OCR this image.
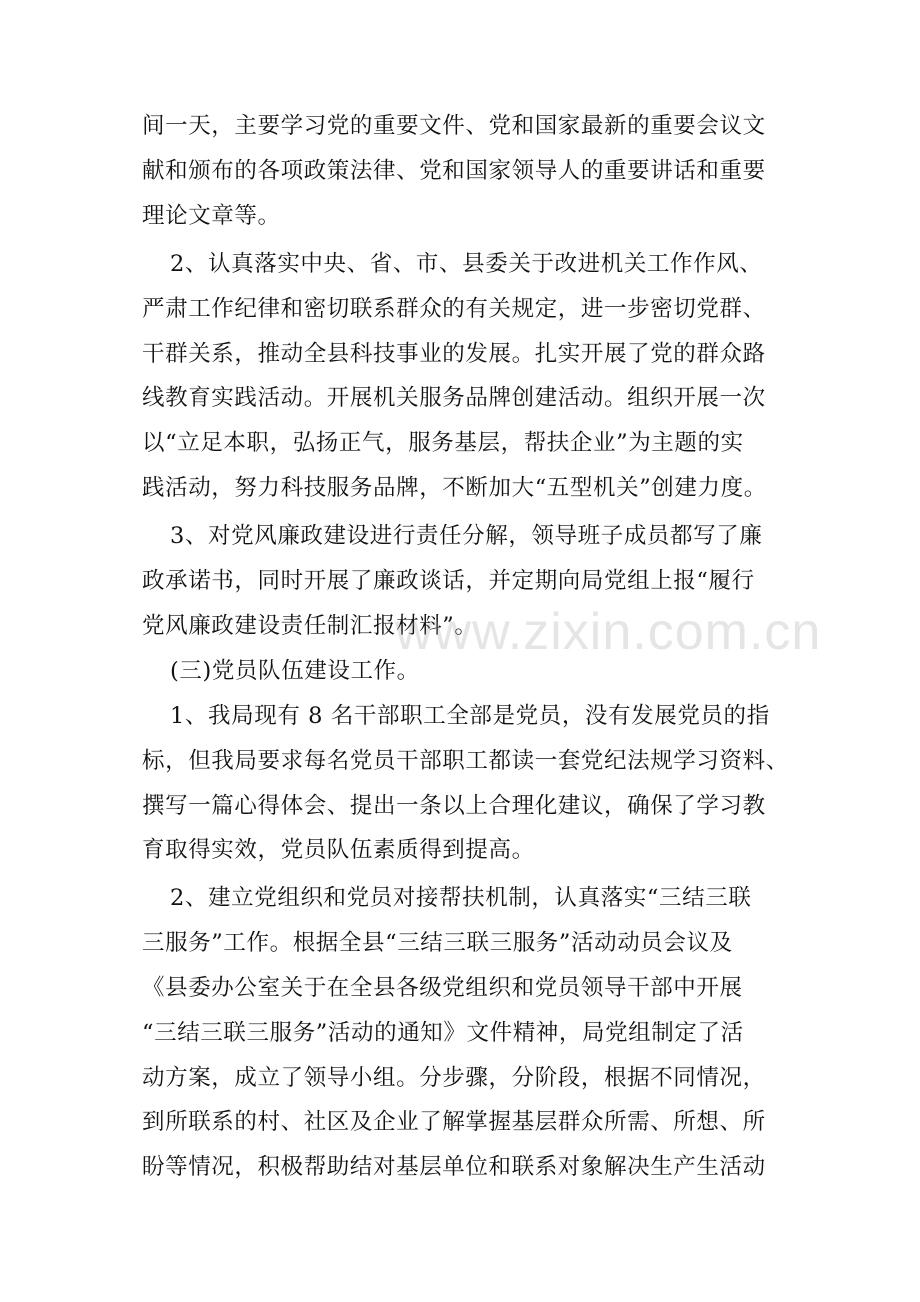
间一天，主要学习党的重要文件、党和国家最新的重要会议文
献和颁布的各项政策法律、党和国家领导人的重要讲话和重要
理论文章等。
2、认真落实中央、省、市、县委关于改进机关工作作风、
严肃工作纪律和密切联系群众的有关规定，进一步密切党群、
干群关系，推动全县科技事业的发展。扎实开展了党的群众路
线教育实践活动。开展机关服务品牌创建活动。组织开展一次
以“立足本职，弘扬正气，服务基层，帮扶企业”为主题的实
践活动，努力科技服务品牌，不断加大“五型机关”创建力度。
3、对党风廉政建设进行责任分解，领导班子成员都写了廉
政承诺书，同时开展了廉政谈话，并定期向局党组上报“履行
党风廉政建设责任制汇报材料”。
(三)党员队伍建设工作。
1、我局现有 8 名干部职工全部是党员，没有发展党员的指
标，但我局要求每名党员干部职工都读一套党纪法规学习资料、
撰写一篇心得体会、提出一条以上合理化建议，确保了学习教
育取得实效，党员队伍素质得到提高。
2、建立党组织和党员对接帮扶机制，认真落实“三结三联
三服务”工作。根据全县“三结三联三服务”活动动员会议及
《县委办公室关于在全县各级党组织和党员领导干部中开展
“三结三联三服务”活动的通知》文件精神，局党组制定了活
动方案，成立了领导小组。分步骤，分阶段，根据不同情况，
到所联系的村、社区及企业了解掌握基层群众所需、所想、所
盼等情况，积极帮助结对基层单位和联系对象解决生产生活动
www.zixin.com.cn
